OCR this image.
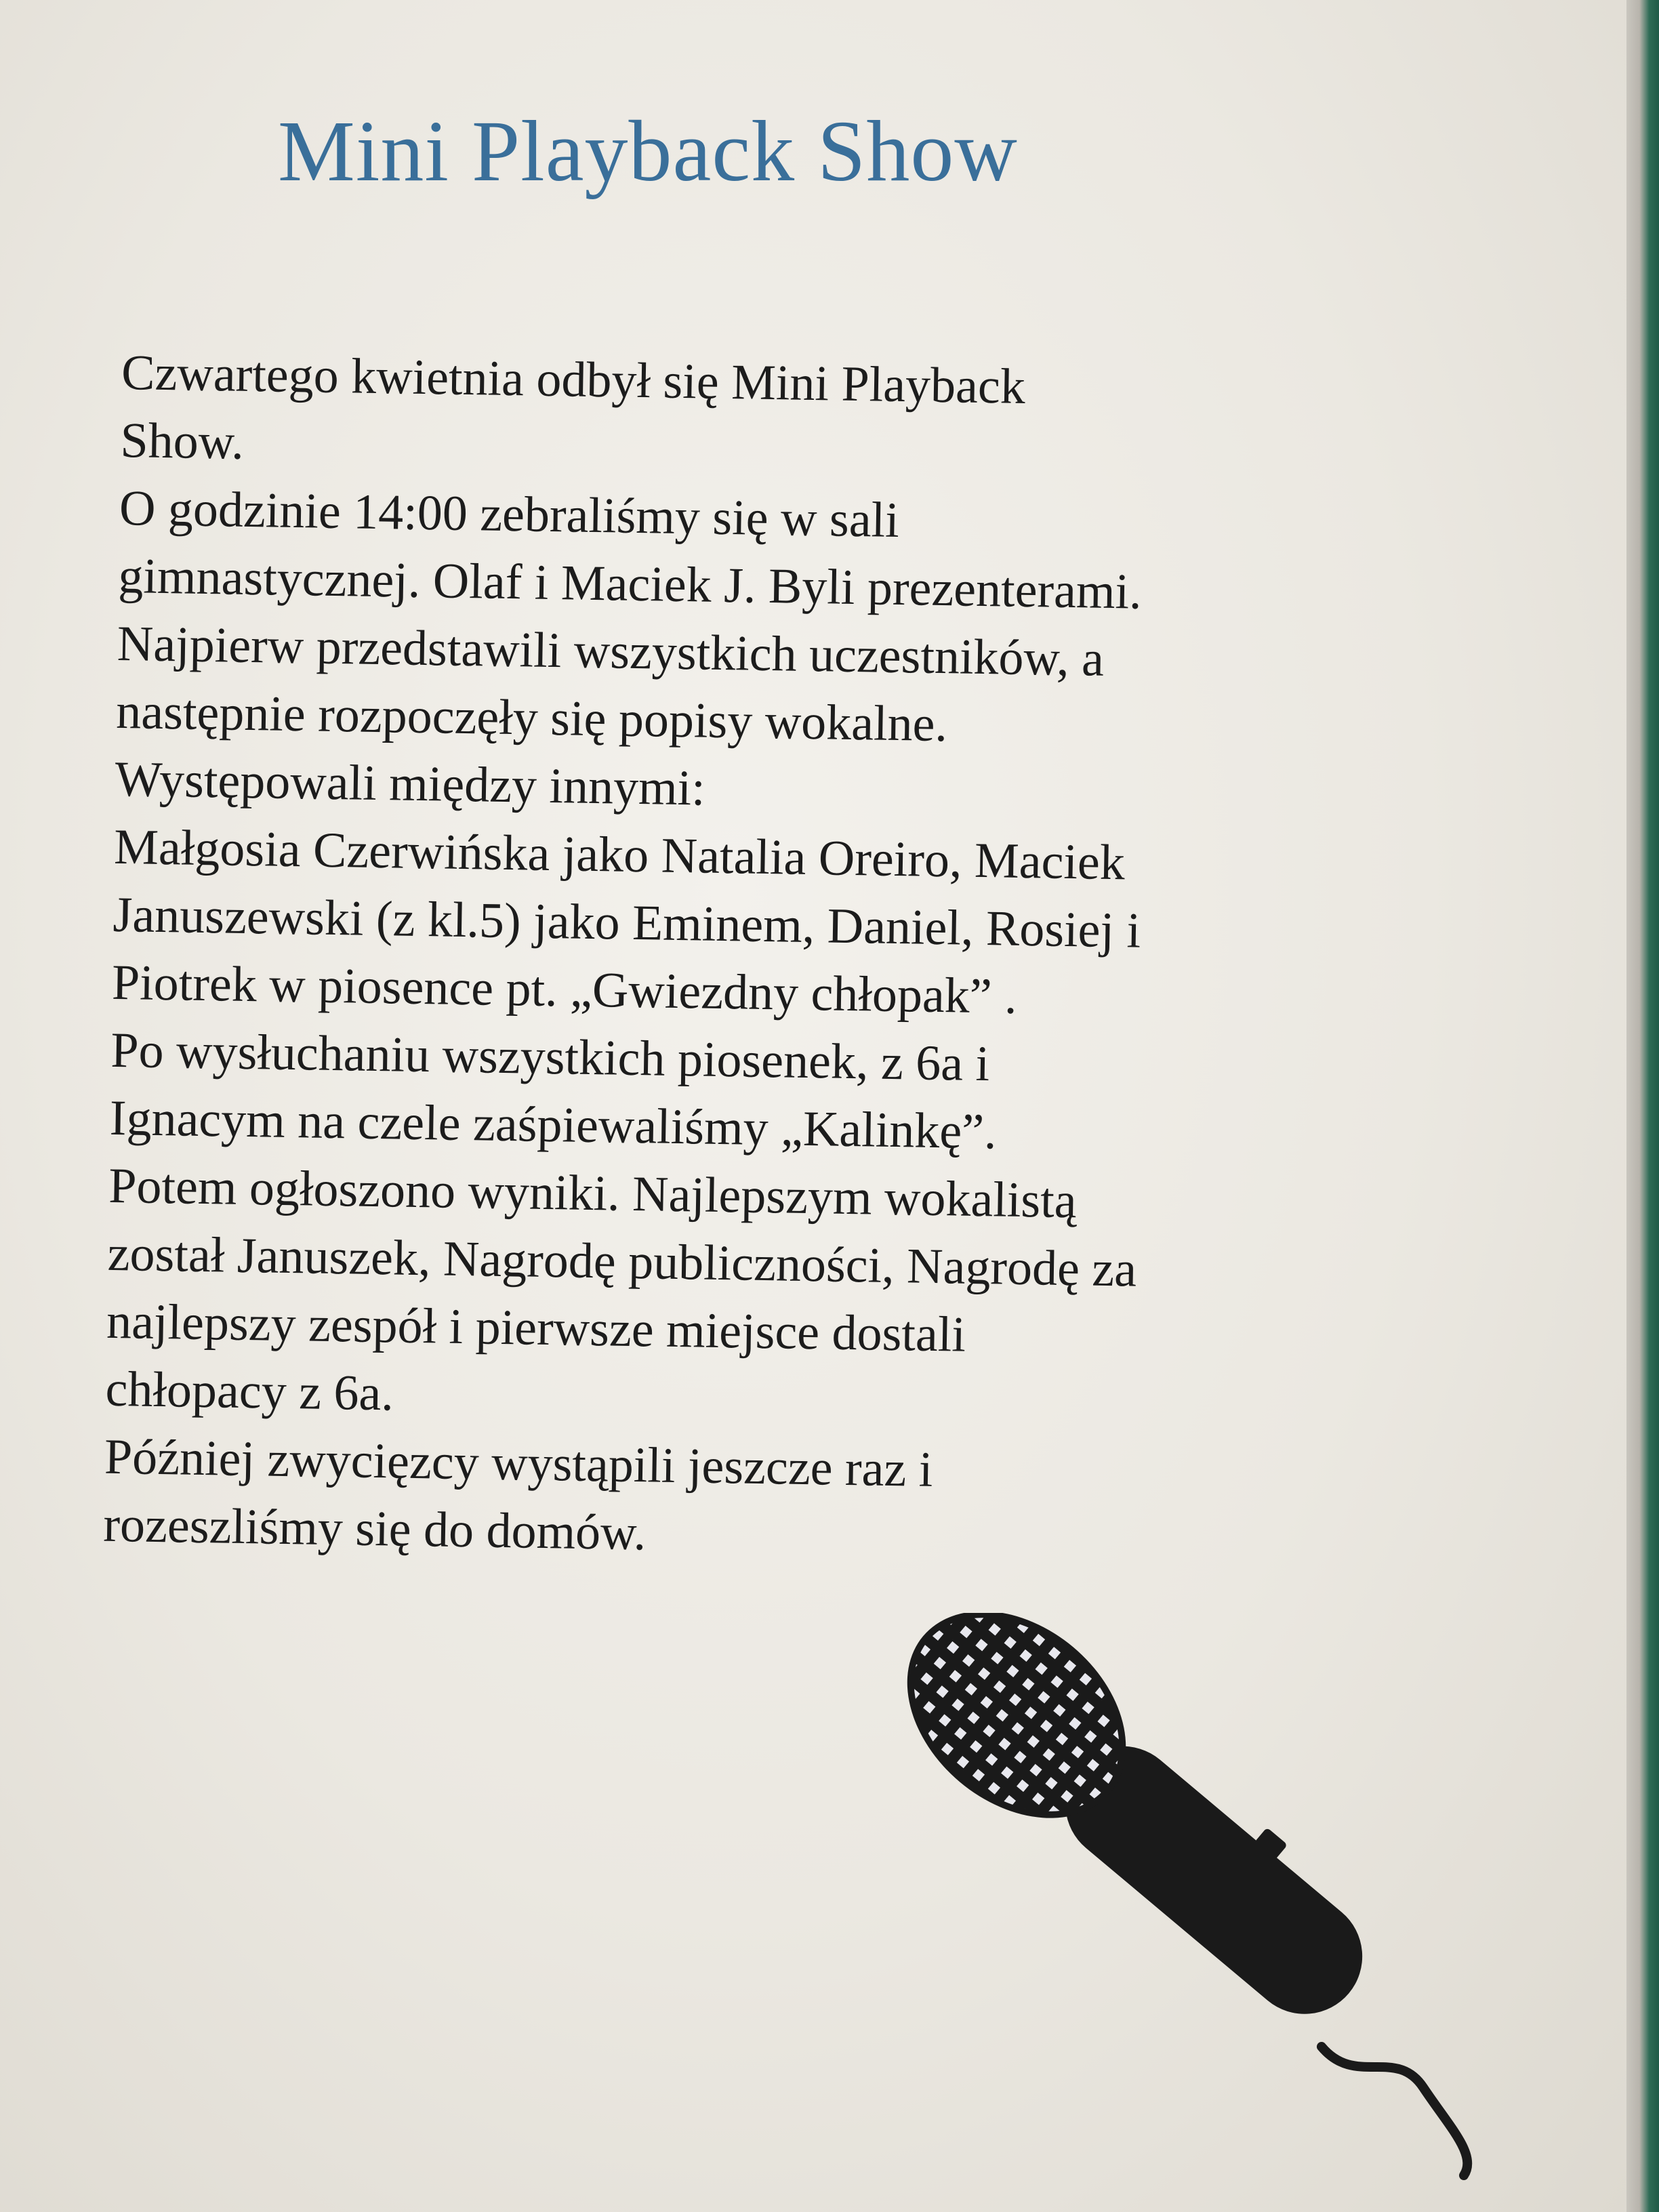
Mini Playback Show

Czwartego kwietnia odbył się Mini Playback

Show.

O godzinie 14:00 zebraliśmy się w sali

gimnastycznej. Olaf i Maciek J. Byli prezenterami.

Najpierw przedstawili wszystkich uczestników, a

następnie rozpoczęły się popisy wokalne.

Występowali między innymi:

Małgosia Czerwińska jako Natalia Oreiro, Maciek

Januszewski (z kl.5) jako Eminem, Daniel, Rosiej i

Piotrek w piosence pt. „Gwiezdny chłopak” .

Po wysłuchaniu wszystkich piosenek, z 6a i

Ignacym na czele zaśpiewaliśmy „Kalinkę”.

Potem ogłoszono wyniki. Najlepszym wokalistą

został Januszek, Nagrodę publiczności, Nagrodę za

najlepszy zespół i pierwsze miejsce dostali

chłopacy z 6a.

Później zwycięzcy wystąpili jeszcze raz i

rozeszliśmy się do domów.
